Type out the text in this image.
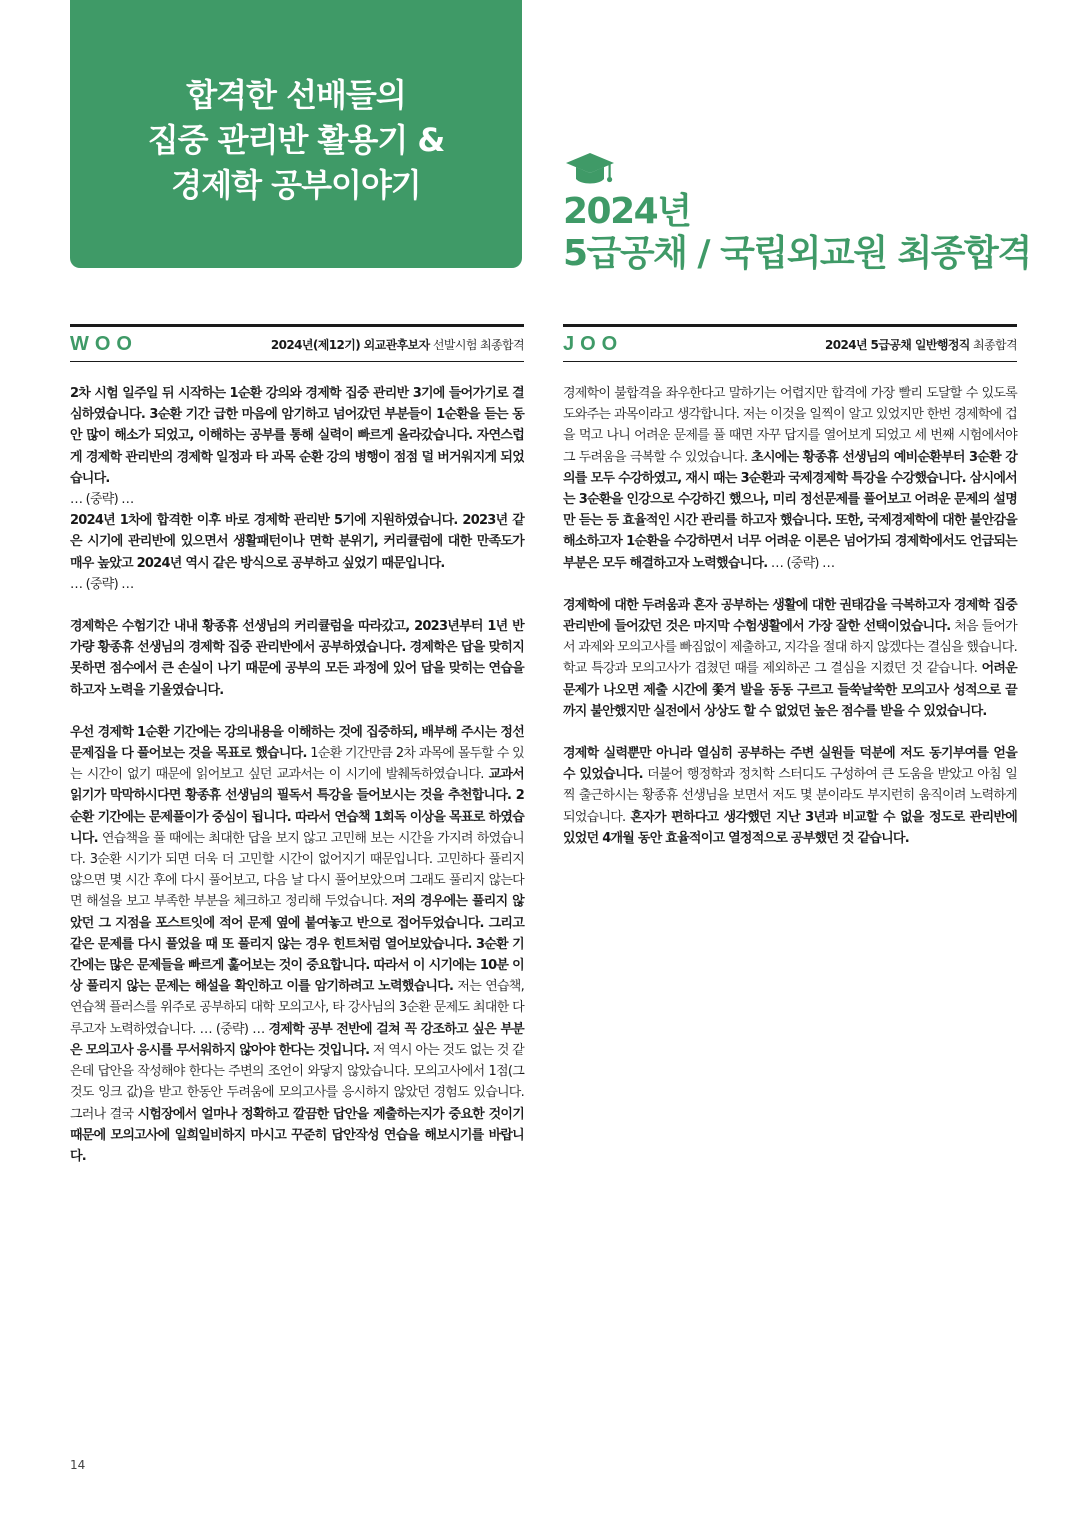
합격한 선배들의
집중 관리반 활용기 &
경제학 공부이야기
2024년
5급공채 / 국립외교원 최종합격
WOO	2024년(제12기) 외교관후보자 선발시험 최종합격

2차 시험 일주일 뒤 시작하는 1순환 강의와 경제학 집중 관리반 3기에 들어가기로 결심하였습니다. 3순환 기간 급한 마음에 암기하고 넘어갔던 부분들이 1순환을 듣는 동안 많이 해소가 되었고, 이해하는 공부를 통해 실력이 빠르게 올라갔습니다. 자연스럽게 경제학 관리반의 경제학 일정과 타 과목 순환 강의 병행이 점점 덜 버거워지게 되었습니다.
… (중략) …
2024년 1차에 합격한 이후 바로 경제학 관리반 5기에 지원하였습니다. 2023년 같은 시기에 관리반에 있으면서 생활패턴이나 면학 분위기, 커리큘럼에 대한 만족도가 매우 높았고 2024년 역시 같은 방식으로 공부하고 싶었기 때문입니다.
… (중략) …

경제학은 수험기간 내내 황종휴 선생님의 커리큘럼을 따라갔고, 2023년부터 1년 반 가량 황종휴 선생님의 경제학 집중 관리반에서 공부하였습니다. 경제학은 답을 맞히지 못하면 점수에서 큰 손실이 나기 때문에 공부의 모든 과정에 있어 답을 맞히는 연습을 하고자 노력을 기울였습니다.

우선 경제학 1순환 기간에는 강의내용을 이해하는 것에 집중하되, 배부해 주시는 정선문제집을 다 풀어보는 것을 목표로 했습니다. 1순환 기간만큼 2차 과목에 몰두할 수 있는 시간이 없기 때문에 읽어보고 싶던 교과서는 이 시기에 발췌독하였습니다. 교과서 읽기가 막막하시다면 황종휴 선생님의 필독서 특강을 들어보시는 것을 추천합니다. 2순환 기간에는 문제풀이가 중심이 됩니다. 따라서 연습책 1회독 이상을 목표로 하였습니다. 연습책을 풀 때에는 최대한 답을 보지 않고 고민해 보는 시간을 가지려 하였습니다. 3순환 시기가 되면 더욱 더 고민할 시간이 없어지기 때문입니다. 고민하다 풀리지 않으면 몇 시간 후에 다시 풀어보고, 다음 날 다시 풀어보았으며 그래도 풀리지 않는다면 해설을 보고 부족한 부분을 체크하고 정리해 두었습니다. 저의 경우에는 풀리지 않았던 그 지점을 포스트잇에 적어 문제 옆에 붙여놓고 반으로 접어두었습니다. 그리고 같은 문제를 다시 풀었을 때 또 풀리지 않는 경우 힌트처럼 열어보았습니다. 3순환 기간에는 많은 문제들을 빠르게 훑어보는 것이 중요합니다. 따라서 이 시기에는 10분 이상 풀리지 않는 문제는 해설을 확인하고 이를 암기하려고 노력했습니다. 저는 연습책, 연습책 플러스를 위주로 공부하되 대학 모의고사, 타 강사님의 3순환 문제도 최대한 다루고자 노력하였습니다. … (중략) … 경제학 공부 전반에 걸쳐 꼭 강조하고 싶은 부분은 모의고사 응시를 무서워하지 않아야 한다는 것입니다. 저 역시 아는 것도 없는 것 같은데 답안을 작성해야 한다는 주변의 조언이 와닿지 않았습니다. 모의고사에서 1점(그것도 잉크 값)을 받고 한동안 두려움에 모의고사를 응시하지 않았던 경험도 있습니다. 그러나 결국 시험장에서 얼마나 정확하고 깔끔한 답안을 제출하는지가 중요한 것이기 때문에 모의고사에 일희일비하지 마시고 꾸준히 답안작성 연습을 해보시기를 바랍니다.

JOO	2024년 5급공채 일반행정직 최종합격

경제학이 불합격을 좌우한다고 말하기는 어렵지만 합격에 가장 빨리 도달할 수 있도록 도와주는 과목이라고 생각합니다. 저는 이것을 일찍이 알고 있었지만 한번 경제학에 겁을 먹고 나니 어려운 문제를 풀 때면 자꾸 답지를 열어보게 되었고 세 번째 시험에서야 그 두려움을 극복할 수 있었습니다. 초시에는 황종휴 선생님의 예비순환부터 3순환 강의를 모두 수강하였고, 재시 때는 3순환과 국제경제학 특강을 수강했습니다. 삼시에서는 3순환을 인강으로 수강하긴 했으나, 미리 정선문제를 풀어보고 어려운 문제의 설명만 듣는 등 효율적인 시간 관리를 하고자 했습니다. 또한, 국제경제학에 대한 불안감을 해소하고자 1순환을 수강하면서 너무 어려운 이론은 넘어가되 경제학에서도 언급되는 부분은 모두 해결하고자 노력했습니다. … (중략) …

경제학에 대한 두려움과 혼자 공부하는 생활에 대한 권태감을 극복하고자 경제학 집중 관리반에 들어갔던 것은 마지막 수험생활에서 가장 잘한 선택이었습니다. 처음 들어가서 과제와 모의고사를 빠짐없이 제출하고, 지각을 절대 하지 않겠다는 결심을 했습니다. 학교 특강과 모의고사가 겹쳤던 때를 제외하곤 그 결심을 지켰던 것 같습니다. 어려운 문제가 나오면 제출 시간에 쫓겨 발을 동동 구르고 들쑥날쑥한 모의고사 성적으로 끝까지 불안했지만 실전에서 상상도 할 수 없었던 높은 점수를 받을 수 있었습니다.

경제학 실력뿐만 아니라 열심히 공부하는 주변 실원들 덕분에 저도 동기부여를 얻을 수 있었습니다. 더불어 행정학과 정치학 스터디도 구성하여 큰 도움을 받았고 아침 일찍 출근하시는 황종휴 선생님을 보면서 저도 몇 분이라도 부지런히 움직이려 노력하게 되었습니다. 혼자가 편하다고 생각했던 지난 3년과 비교할 수 없을 정도로 관리반에 있었던 4개월 동안 효율적이고 열정적으로 공부했던 것 같습니다.

14
